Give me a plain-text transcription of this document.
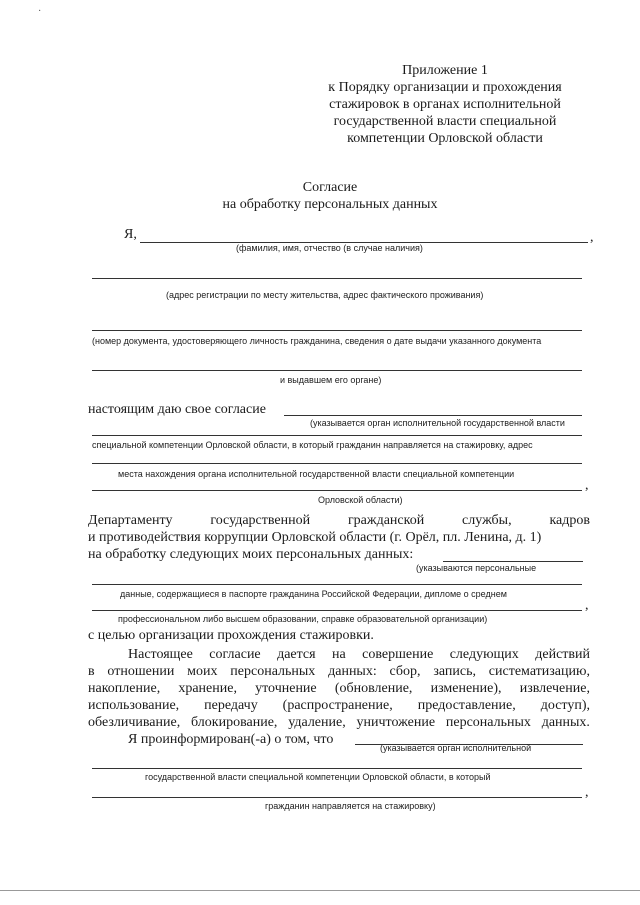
·
Приложение 1
к Порядку организации и прохождения
стажировок в органах исполнительной
государственной власти специальной
компетенции Орловской области
Согласие
на обработку персональных данных
Я,	,
(фамилия, имя, отчество (в случае наличия)
(адрес регистрации по месту жительства, адрес фактического проживания)
(номер документа, удостоверяющего личность гражданина, сведения о дате выдачи указанного документа
и выдавшем его органе)
настоящим даю свое согласие
(указывается орган исполнительной государственной власти
специальной компетенции Орловской области, в который гражданин направляется на стажировку, адрес
места нахождения органа исполнительной государственной власти специальной компетенции
,
Орловской области)
Департаменту	государственной	гражданской	службы,	кадров
и противодействия коррупции Орловской области (г. Орёл, пл. Ленина, д. 1)
на обработку следующих моих персональных данных:
(указываются персональные
данные, содержащиеся в паспорте гражданина Российской Федерации, дипломе о среднем
,
профессиональном либо высшем образовании, справке образовательной организации)
с целью организации прохождения стажировки.
Настоящее согласие дается на совершение следующих действий
в отношении моих персональных данных: сбор, запись, систематизацию,
накопление, хранение, уточнение (обновление, изменение), извлечение,
использование, передачу (распространение, предоставление, доступ),
обезличивание, блокирование, удаление, уничтожение персональных данных.
Я проинформирован(-а) о том, что
(указывается орган исполнительной
государственной власти специальной компетенции Орловской области, в который
,
гражданин направляется на стажировку)
